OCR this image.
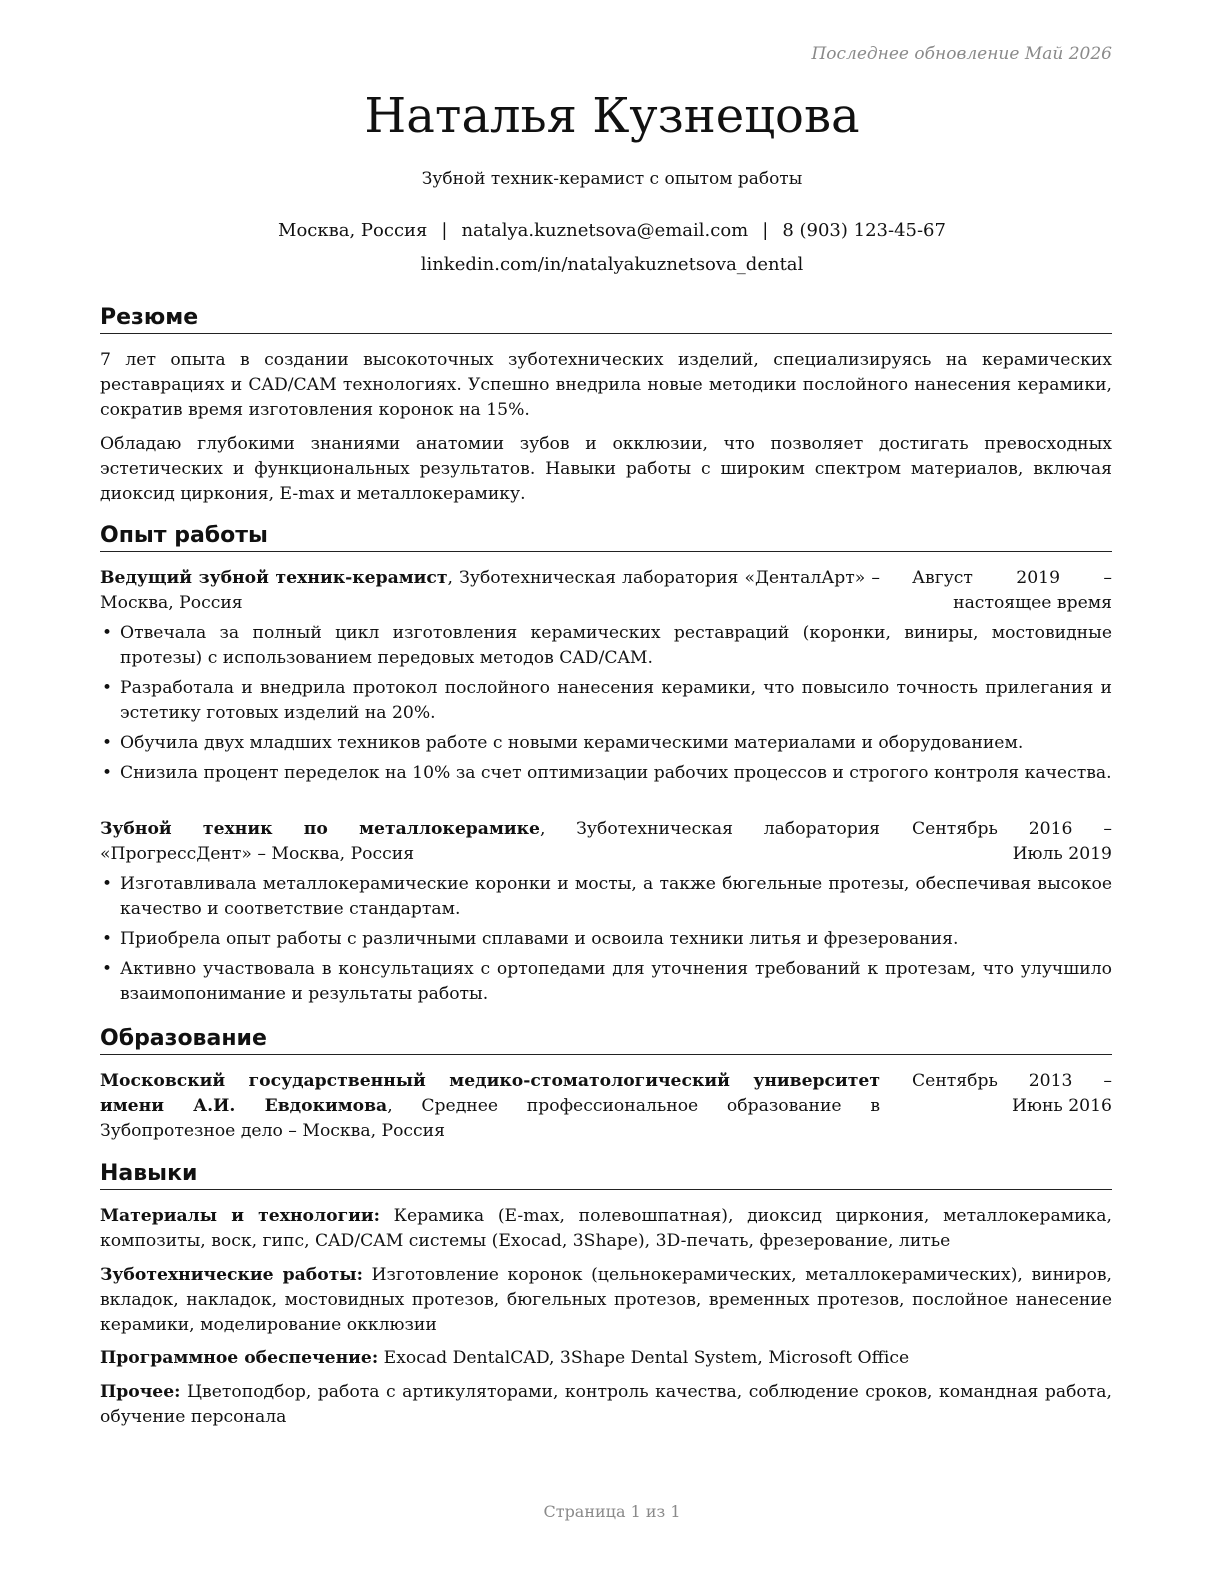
Последнее обновление Май 2026
Наталья Кузнецова
Зубной техник-керамист с опытом работы
Москва, Россия | natalya.kuznetsova@email.com | 8 (903) 123-45-67
linkedin.com/in/natalyakuznetsova_dental
Резюме

7 лет опыта в создании высокоточных зуботехнических изделий, специализируясь на керамических реставрациях и CAD/CAM технологиях. Успешно внедрила новые методики послойного нанесения керамики, сократив время изготовления коронок на 15%.

Обладаю глубокими знаниями анатомии зубов и окклюзии, что позволяет достигать превосходных эстетических и функциональных результатов. Навыки работы с широким спектром материалов, включая диоксид циркония, E-max и металлокерамику.

Опыт работы
Ведущий зубной техник-керамист, Зуботехническая лаборатория «ДенталАрт» – Москва, Россия
Август 2019 – настоящее время
• Отвечала за полный цикл изготовления керамических реставраций (коронки, виниры, мостовидные протезы) с использованием передовых методов CAD/CAM.
• Разработала и внедрила протокол послойного нанесения керамики, что повысило точность прилегания и эстетику готовых изделий на 20%.
• Обучила двух младших техников работе с новыми керамическими материалами и оборудованием.
• Снизила процент переделок на 10% за счет оптимизации рабочих процессов и строгого контроля качества.
Зубной техник по металлокерамике, Зуботехническая лаборатория «ПрогрессДент» – Москва, Россия
Сентябрь 2016 – Июль 2019
• Изготавливала металлокерамические коронки и мосты, а также бюгельные протезы, обеспечивая высокое качество и соответствие стандартам.
• Приобрела опыт работы с различными сплавами и освоила техники литья и фрезерования.
• Активно участвовала в консультациях с ортопедами для уточнения требований к протезам, что улучшило взаимопонимание и результаты работы.
Образование
Московский государственный медико-стоматологический университет имени А.И. Евдокимова, Среднее профессиональное образование в Зубопротезное дело – Москва, Россия
Сентябрь 2013 – Июнь 2016
Навыки

Материалы и технологии: Керамика (E-max, полевошпатная), диоксид циркония, металлокерамика, композиты, воск, гипс, CAD/CAM системы (Exocad, 3Shape), 3D-печать, фрезерование, литье

Зуботехнические работы: Изготовление коронок (цельнокерамических, металлокерамических), виниров, вкладок, накладок, мостовидных протезов, бюгельных протезов, временных протезов, послойное нанесение керамики, моделирование окклюзии

Программное обеспечение: Exocad DentalCAD, 3Shape Dental System, Microsoft Office

Прочее: Цветоподбор, работа с артикуляторами, контроль качества, соблюдение сроков, командная работа, обучение персонала

Страница 1 из 1
